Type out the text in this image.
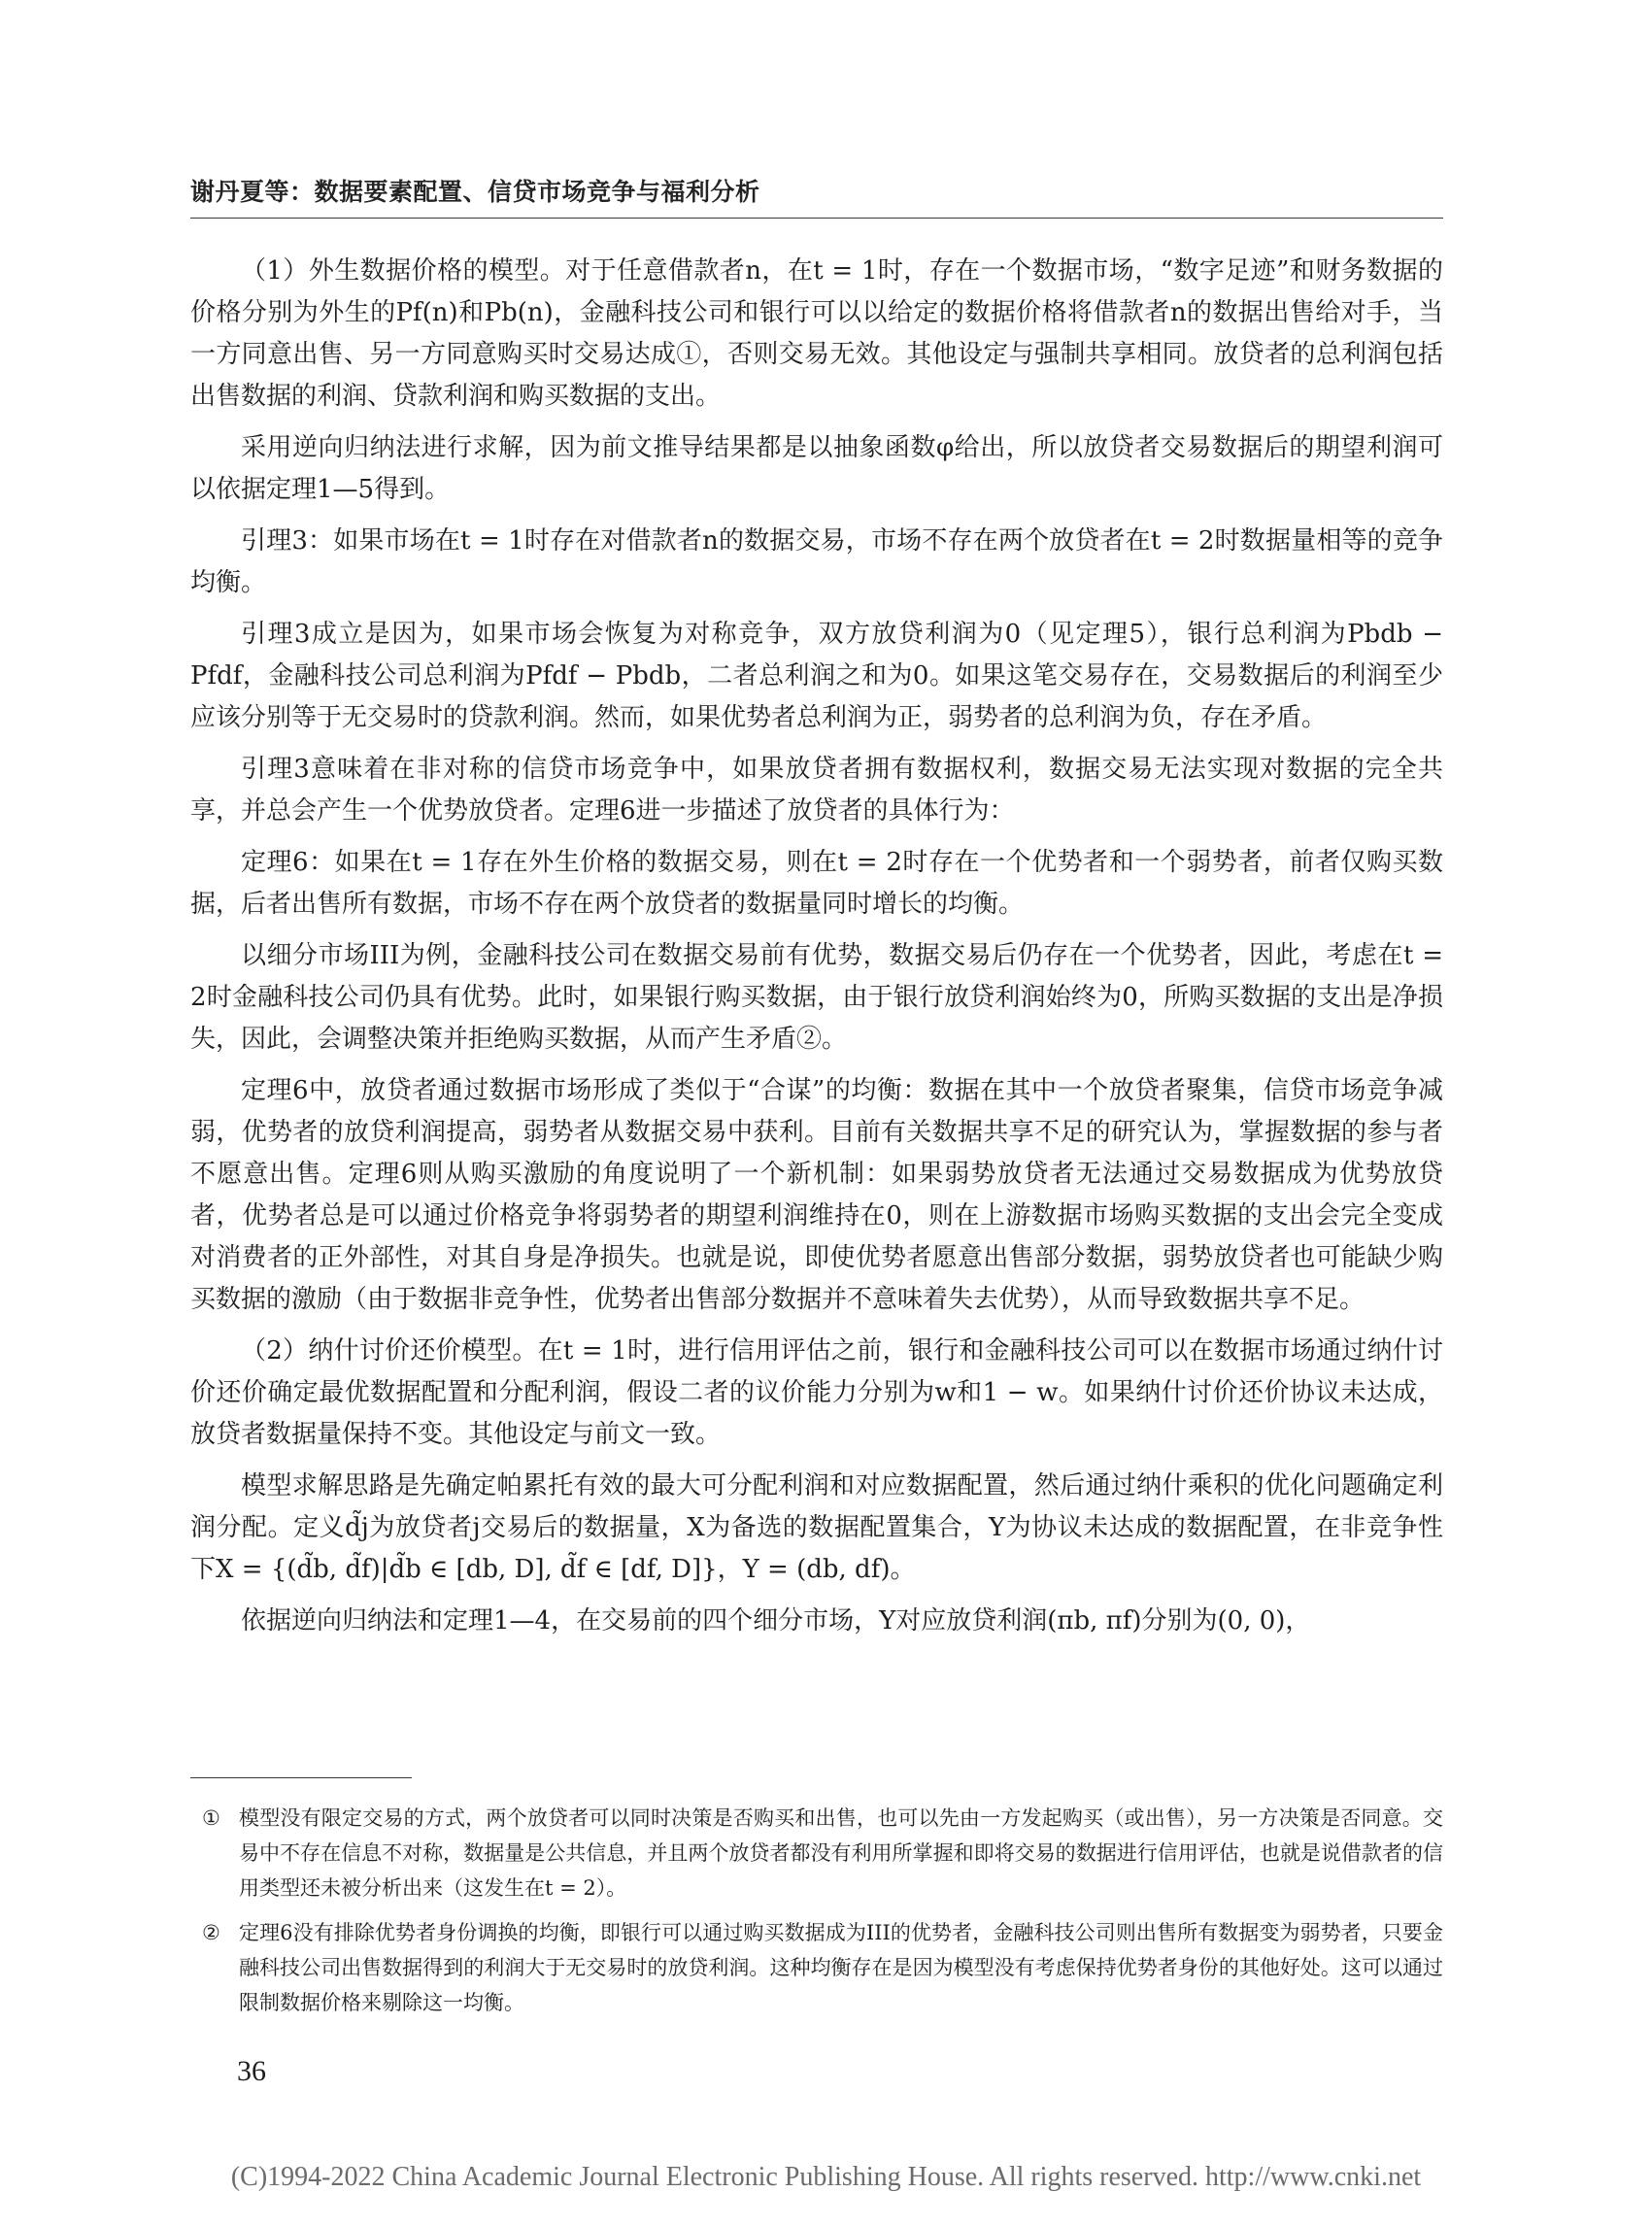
谢丹夏等：数据要素配置、信贷市场竞争与福利分析

（1）外生数据价格的模型。对于任意借款者n，在t = 1时，存在一个数据市场，“数字足迹”和财务数据的价格分别为外生的Pf(n)和Pb(n)，金融科技公司和银行可以以给定的数据价格将借款者n的数据出售给对手，当一方同意出售、另一方同意购买时交易达成①，否则交易无效。其他设定与强制共享相同。放贷者的总利润包括出售数据的利润、贷款利润和购买数据的支出。

采用逆向归纳法进行求解，因为前文推导结果都是以抽象函数φ给出，所以放贷者交易数据后的期望利润可以依据定理1—5得到。

引理3：如果市场在t = 1时存在对借款者n的数据交易，市场不存在两个放贷者在t = 2时数据量相等的竞争均衡。

引理3成立是因为，如果市场会恢复为对称竞争，双方放贷利润为0（见定理5），银行总利润为Pbdb − Pfdf，金融科技公司总利润为Pfdf − Pbdb，二者总利润之和为0。如果这笔交易存在，交易数据后的利润至少应该分别等于无交易时的贷款利润。然而，如果优势者总利润为正，弱势者的总利润为负，存在矛盾。

引理3意味着在非对称的信贷市场竞争中，如果放贷者拥有数据权利，数据交易无法实现对数据的完全共享，并总会产生一个优势放贷者。定理6进一步描述了放贷者的具体行为：

定理6：如果在t = 1存在外生价格的数据交易，则在t = 2时存在一个优势者和一个弱势者，前者仅购买数据，后者出售所有数据，市场不存在两个放贷者的数据量同时增长的均衡。

以细分市场III为例，金融科技公司在数据交易前有优势，数据交易后仍存在一个优势者，因此，考虑在t = 2时金融科技公司仍具有优势。此时，如果银行购买数据，由于银行放贷利润始终为0，所购买数据的支出是净损失，因此，会调整决策并拒绝购买数据，从而产生矛盾②。

定理6中，放贷者通过数据市场形成了类似于“合谋”的均衡：数据在其中一个放贷者聚集，信贷市场竞争减弱，优势者的放贷利润提高，弱势者从数据交易中获利。目前有关数据共享不足的研究认为，掌握数据的参与者不愿意出售。定理6则从购买激励的角度说明了一个新机制：如果弱势放贷者无法通过交易数据成为优势放贷者，优势者总是可以通过价格竞争将弱势者的期望利润维持在0，则在上游数据市场购买数据的支出会完全变成对消费者的正外部性，对其自身是净损失。也就是说，即使优势者愿意出售部分数据，弱势放贷者也可能缺少购买数据的激励（由于数据非竞争性，优势者出售部分数据并不意味着失去优势），从而导致数据共享不足。

（2）纳什讨价还价模型。在t = 1时，进行信用评估之前，银行和金融科技公司可以在数据市场通过纳什讨价还价确定最优数据配置和分配利润，假设二者的议价能力分别为w和1 − w。如果纳什讨价还价协议未达成，放贷者数据量保持不变。其他设定与前文一致。

模型求解思路是先确定帕累托有效的最大可分配利润和对应数据配置，然后通过纳什乘积的优化问题确定利润分配。定义d̃j为放贷者j交易后的数据量，X为备选的数据配置集合，Y为协议未达成的数据配置，在非竞争性下X = {(d̃b, d̃f)|d̃b ∈ [db, D], d̃f ∈ [df, D]}，Y = (db, df)。

依据逆向归纳法和定理1—4，在交易前的四个细分市场，Y对应放贷利润(πb, πf)分别为(0, 0)，

① 模型没有限定交易的方式，两个放贷者可以同时决策是否购买和出售，也可以先由一方发起购买（或出售），另一方决策是否同意。交易中不存在信息不对称，数据量是公共信息，并且两个放贷者都没有利用所掌握和即将交易的数据进行信用评估，也就是说借款者的信用类型还未被分析出来（这发生在t = 2）。
② 定理6没有排除优势者身份调换的均衡，即银行可以通过购买数据成为III的优势者，金融科技公司则出售所有数据变为弱势者，只要金融科技公司出售数据得到的利润大于无交易时的放贷利润。这种均衡存在是因为模型没有考虑保持优势者身份的其他好处。这可以通过限制数据价格来剔除这一均衡。
36
(C)1994-2022 China Academic Journal Electronic Publishing House. All rights reserved. http://www.cnki.net
